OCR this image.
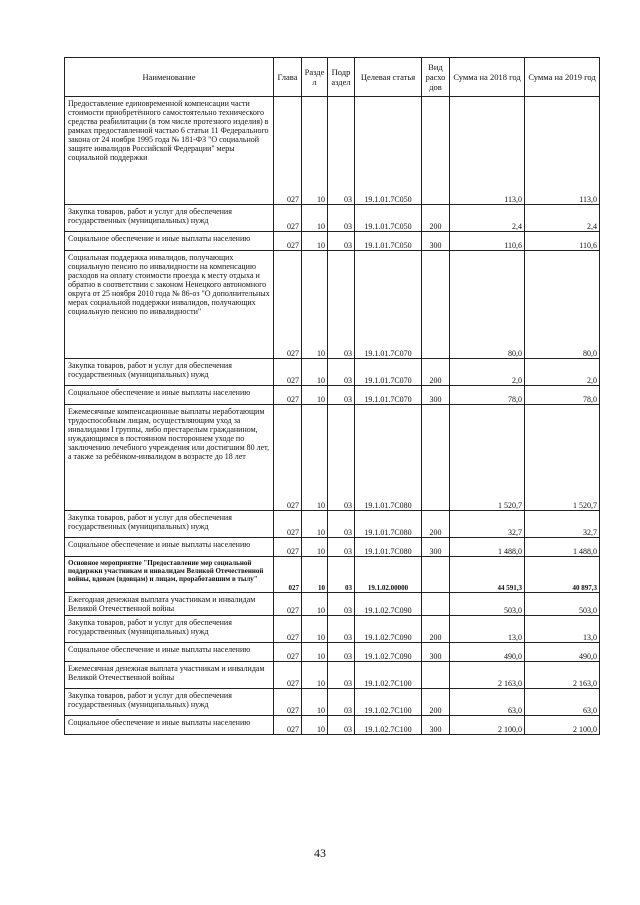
Наименование	Глава	Разде л	Подр аздел	Целевая статья	Вид расхо дов	Сумма на 2018 год	Сумма на 2019 год
Предоставление единовременной компенсации части стоимости приобретённого самостоятельно технического средства реабилитации (в том числе протезного изделия) в рамках предоставленной частью 6 статьи 11 Федерального закона от 24 ноября 1995 года № 181-ФЗ "О социальной защите инвалидов Российской Федерации" меры социальной поддержки	027	10	03	19.1.01.7С050		113,0	113,0
Закупка товаров, работ и услуг для обеспечения государственных (муниципальных) нужд	027	10	03	19.1.01.7С050	200	2,4	2,4
Социальное обеспечение и иные выплаты населению	027	10	03	19.1.01.7С050	300	110,6	110,6
Социальная поддержка инвалидов, получающих социальную пенсию по инвалидности на компенсацию расходов на оплату стоимости проезда к месту отдыха и обратно в соответствии с законом Ненецкого автономного округа от 25 ноября 2010 года № 86-оз "О дополнительных мерах социальной поддержки инвалидов, получающих социальную пенсию по инвалидности"	027	10	03	19.1.01.7С070		80,0	80,0
Закупка товаров, работ и услуг для обеспечения государственных (муниципальных) нужд	027	10	03	19.1.01.7С070	200	2,0	2,0
Социальное обеспечение и иные выплаты населению	027	10	03	19.1.01.7С070	300	78,0	78,0
Ежемесячные компенсационные выплаты неработающим трудоспособным лицам, осуществляющим уход за инвалидами I группы, либо престарелым гражданином, нуждающимся в постоянном постороннем уходе по заключению лечебного учреждения или достигшим 80 лет, а также за ребёнком-инвалидом в возрасте до 18 лет	027	10	03	19.1.01.7С080		1 520,7	1 520,7
Закупка товаров, работ и услуг для обеспечения государственных (муниципальных) нужд	027	10	03	19.1.01.7С080	200	32,7	32,7
Социальное обеспечение и иные выплаты населению	027	10	03	19.1.01.7С080	300	1 488,0	1 488,0
Основное мероприятие "Предоставление мер социальной поддержки участникам и инвалидам Великой Отечественной войны, вдовам (вдовцам) и лицам, проработавшим в тылу"	027	10	03	19.1.02.00000		44 591,3	40 897,3
Ежегодная денежная выплата участникам и инвалидам Великой Отечественной войны	027	10	03	19.1.02.7С090		503,0	503,0
Закупка товаров, работ и услуг для обеспечения государственных (муниципальных) нужд	027	10	03	19.1.02.7С090	200	13,0	13,0
Социальное обеспечение и иные выплаты населению	027	10	03	19.1.02.7С090	300	490,0	490,0
Ежемесячная денежная выплата участникам и инвалидам Великой Отечественной войны	027	10	03	19.1.02.7С100		2 163,0	2 163,0
Закупка товаров, работ и услуг для обеспечения государственных (муниципальных) нужд	027	10	03	19.1.02.7С100	200	63,0	63,0
Социальное обеспечение и иные выплаты населению	027	10	03	19.1.02.7С100	300	2 100,0	2 100,0
43
